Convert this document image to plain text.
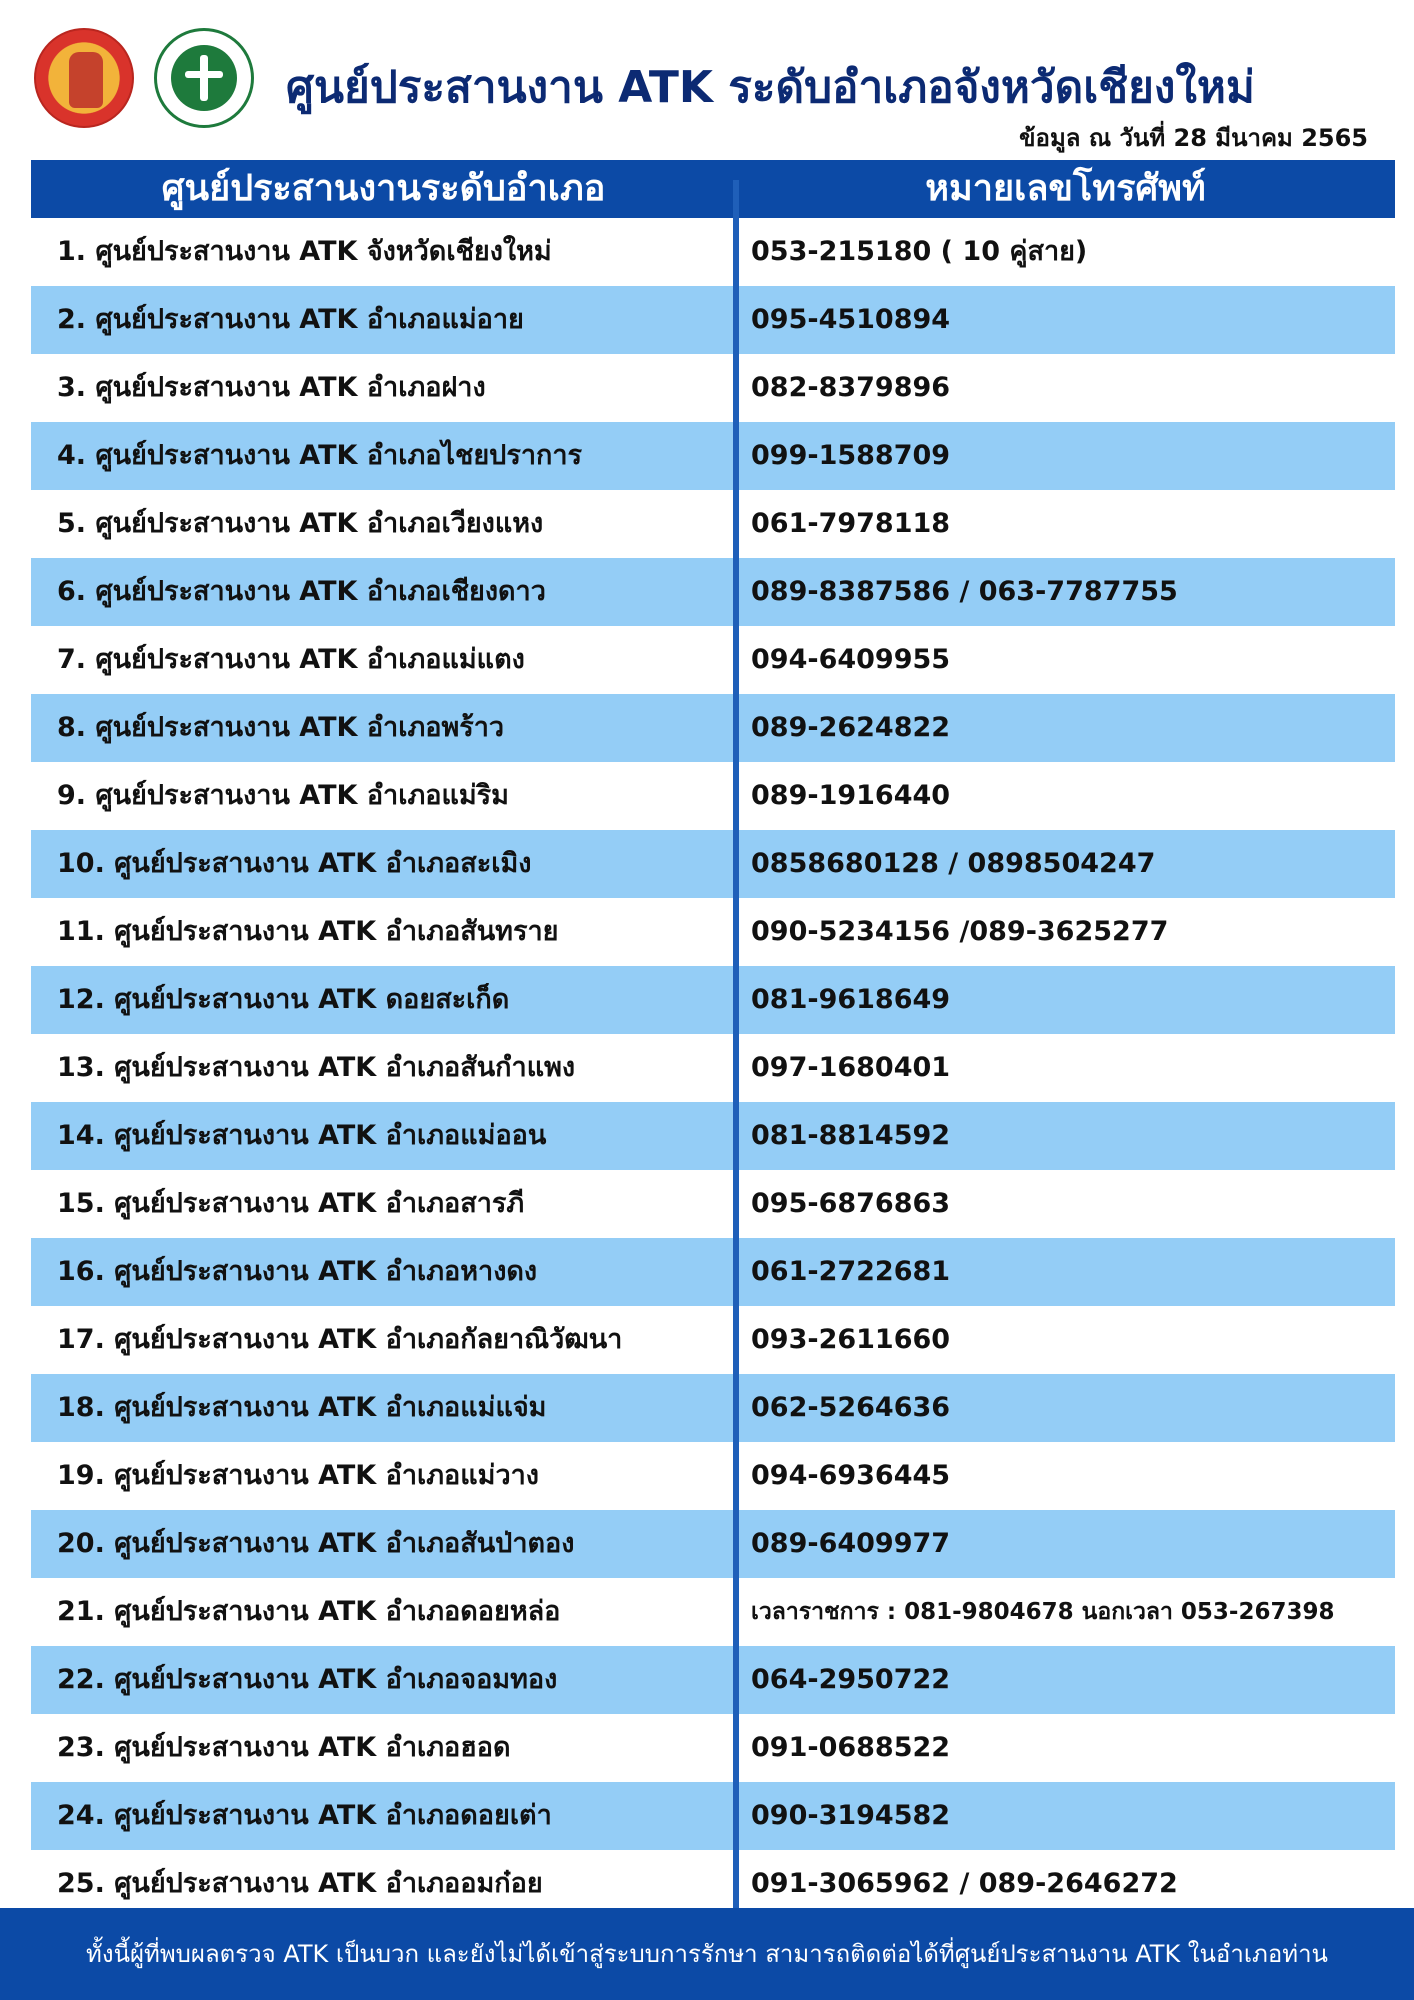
ศูนย์ประสานงาน ATK ระดับอำเภอจังหวัดเชียงใหม่
ข้อมูล ณ วันที่ 28 มีนาคม 2565
ศูนย์ประสานงานระดับอำเภอ	หมายเลขโทรศัพท์
1. ศูนย์ประสานงาน ATK จังหวัดเชียงใหม่	053-215180 ( 10 คู่สาย)
2. ศูนย์ประสานงาน ATK อำเภอแม่อาย	095-4510894
3. ศูนย์ประสานงาน ATK อำเภอฝาง	082-8379896
4. ศูนย์ประสานงาน ATK อำเภอไชยปราการ	099-1588709
5. ศูนย์ประสานงาน ATK อำเภอเวียงแหง	061-7978118
6. ศูนย์ประสานงาน ATK อำเภอเชียงดาว	089-8387586 / 063-7787755
7. ศูนย์ประสานงาน ATK อำเภอแม่แตง	094-6409955
8. ศูนย์ประสานงาน ATK อำเภอพร้าว	089-2624822
9. ศูนย์ประสานงาน ATK อำเภอแม่ริม	089-1916440
10. ศูนย์ประสานงาน ATK อำเภอสะเมิง	0858680128 / 0898504247
11. ศูนย์ประสานงาน ATK อำเภอสันทราย	090-5234156 /089-3625277
12. ศูนย์ประสานงาน ATK ดอยสะเก็ด	081-9618649
13. ศูนย์ประสานงาน ATK อำเภอสันกำแพง	097-1680401
14. ศูนย์ประสานงาน ATK อำเภอแม่ออน	081-8814592
15. ศูนย์ประสานงาน ATK อำเภอสารภี	095-6876863
16. ศูนย์ประสานงาน ATK อำเภอหางดง	061-2722681
17. ศูนย์ประสานงาน ATK อำเภอกัลยาณิวัฒนา	093-2611660
18. ศูนย์ประสานงาน ATK อำเภอแม่แจ่ม	062-5264636
19. ศูนย์ประสานงาน ATK อำเภอแม่วาง	094-6936445
20. ศูนย์ประสานงาน ATK อำเภอสันป่าตอง	089-6409977
21. ศูนย์ประสานงาน ATK อำเภอดอยหล่อ	เวลาราชการ : 081-9804678 นอกเวลา 053-267398
22. ศูนย์ประสานงาน ATK อำเภอจอมทอง	064-2950722
23. ศูนย์ประสานงาน ATK อำเภอฮอด	091-0688522
24. ศูนย์ประสานงาน ATK อำเภอดอยเต่า	090-3194582
25. ศูนย์ประสานงาน ATK อำเภออมก๋อย	091-3065962 / 089-2646272
ทั้งนี้ผู้ที่พบผลตรวจ ATK เป็นบวก และยังไม่ได้เข้าสู่ระบบการรักษา สามารถติดต่อได้ที่ศูนย์ประสานงาน ATK ในอำเภอท่าน
